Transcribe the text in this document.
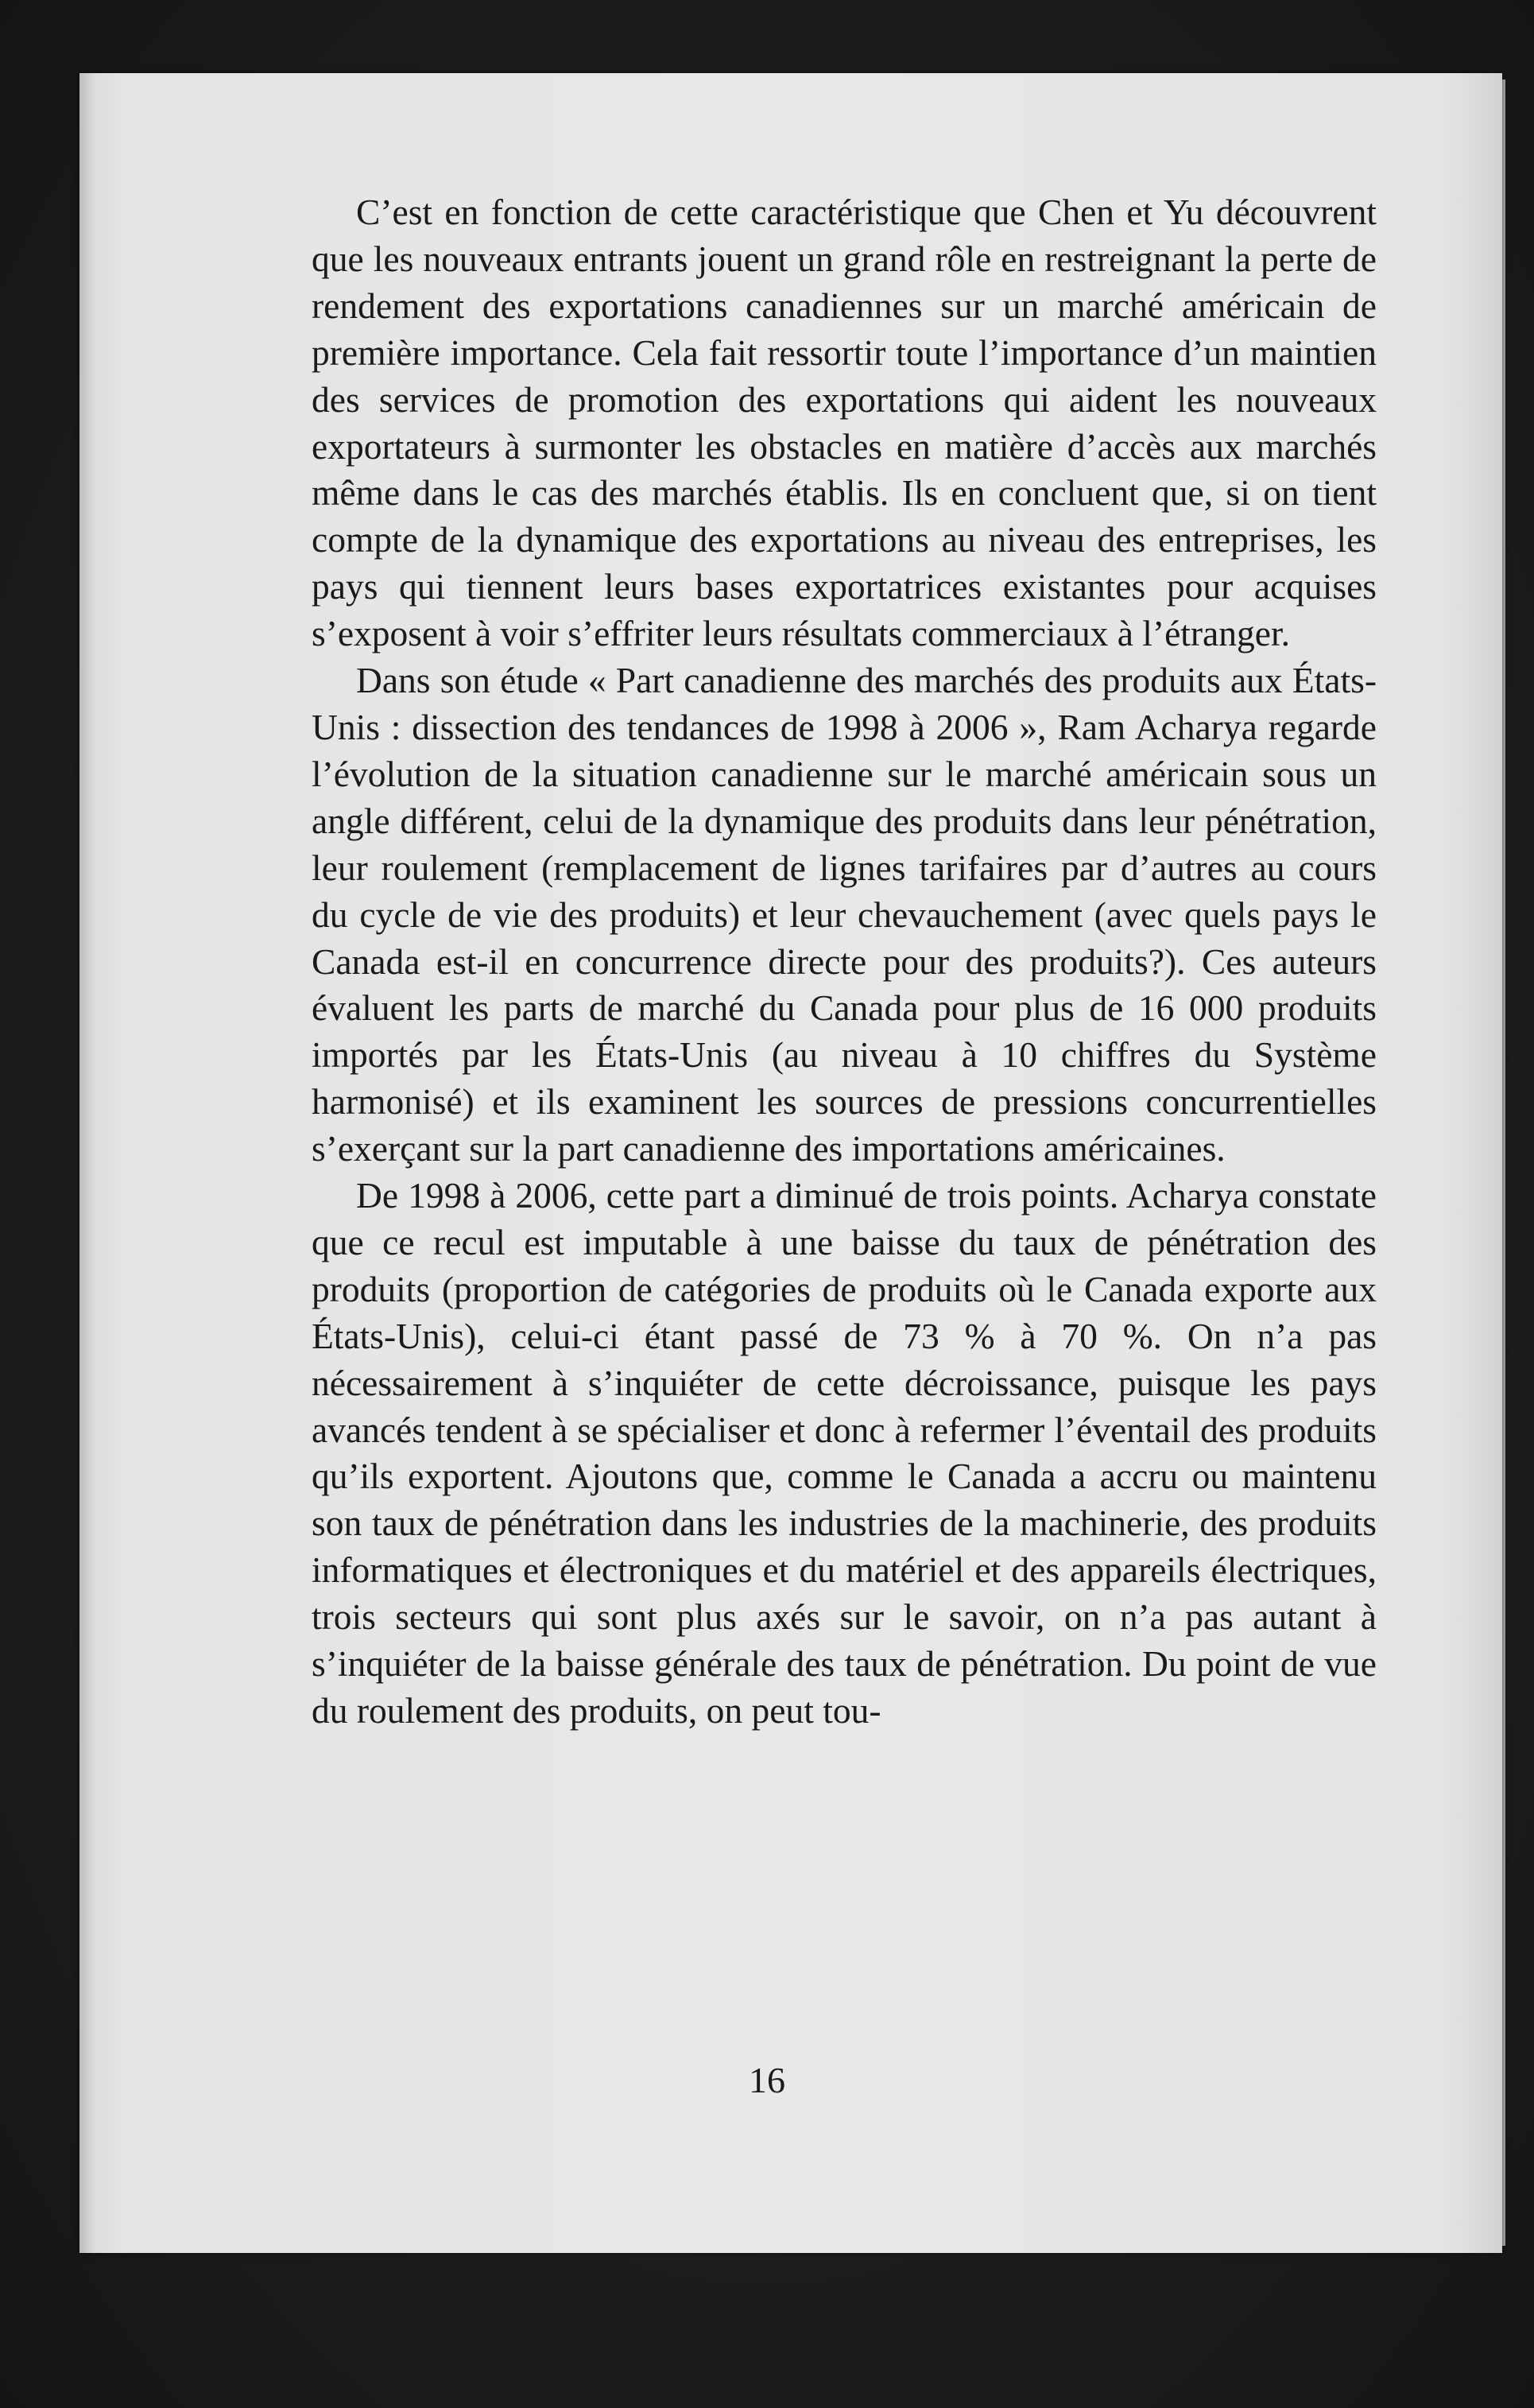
C’est en fonction de cette caractéristique que Chen et Yu découvrent que les nouveaux entrants jouent un grand rôle en restreignant la perte de rendement des exportations canadiennes sur un marché américain de première importance. Cela fait ressortir toute l’importance d’un maintien des services de promotion des exportations qui aident les nouveaux exportateurs à surmonter les obstacles en matière d’accès aux marchés même dans le cas des marchés établis. Ils en concluent que, si on tient compte de la dynamique des exportations au niveau des entreprises, les pays qui tiennent leurs bases exportatrices existantes pour acquises s’exposent à voir s’effriter leurs résultats commerciaux à l’étranger.

Dans son étude « Part canadienne des marchés des produits aux États-Unis : dissection des tendances de 1998 à 2006 », Ram Acharya regarde l’évolution de la situation canadienne sur le marché américain sous un angle différent, celui de la dynamique des produits dans leur pénétration, leur roulement (remplacement de lignes tarifaires par d’autres au cours du cycle de vie des produits) et leur chevauchement (avec quels pays le Canada est-il en concurrence directe pour des produits?). Ces auteurs évaluent les parts de marché du Canada pour plus de 16 000 produits importés par les États-Unis (au niveau à 10 chiffres du Système harmonisé) et ils examinent les sources de pressions concurrentielles s’exerçant sur la part canadienne des importations américaines.

De 1998 à 2006, cette part a diminué de trois points. Acharya constate que ce recul est imputable à une baisse du taux de pénétration des produits (proportion de catégories de produits où le Canada exporte aux États-Unis), celui-ci étant passé de 73 % à 70 %. On n’a pas nécessairement à s’inquiéter de cette décroissance, puisque les pays avancés tendent à se spécialiser et donc à refermer l’éventail des produits qu’ils exportent. Ajoutons que, comme le Canada a accru ou maintenu son taux de pénétration dans les industries de la machinerie, des produits informatiques et électroniques et du matériel et des appareils électriques, trois secteurs qui sont plus axés sur le savoir, on n’a pas autant à s’inquiéter de la baisse générale des taux de pénétration. Du point de vue du roulement des produits, on peut tou-

16
